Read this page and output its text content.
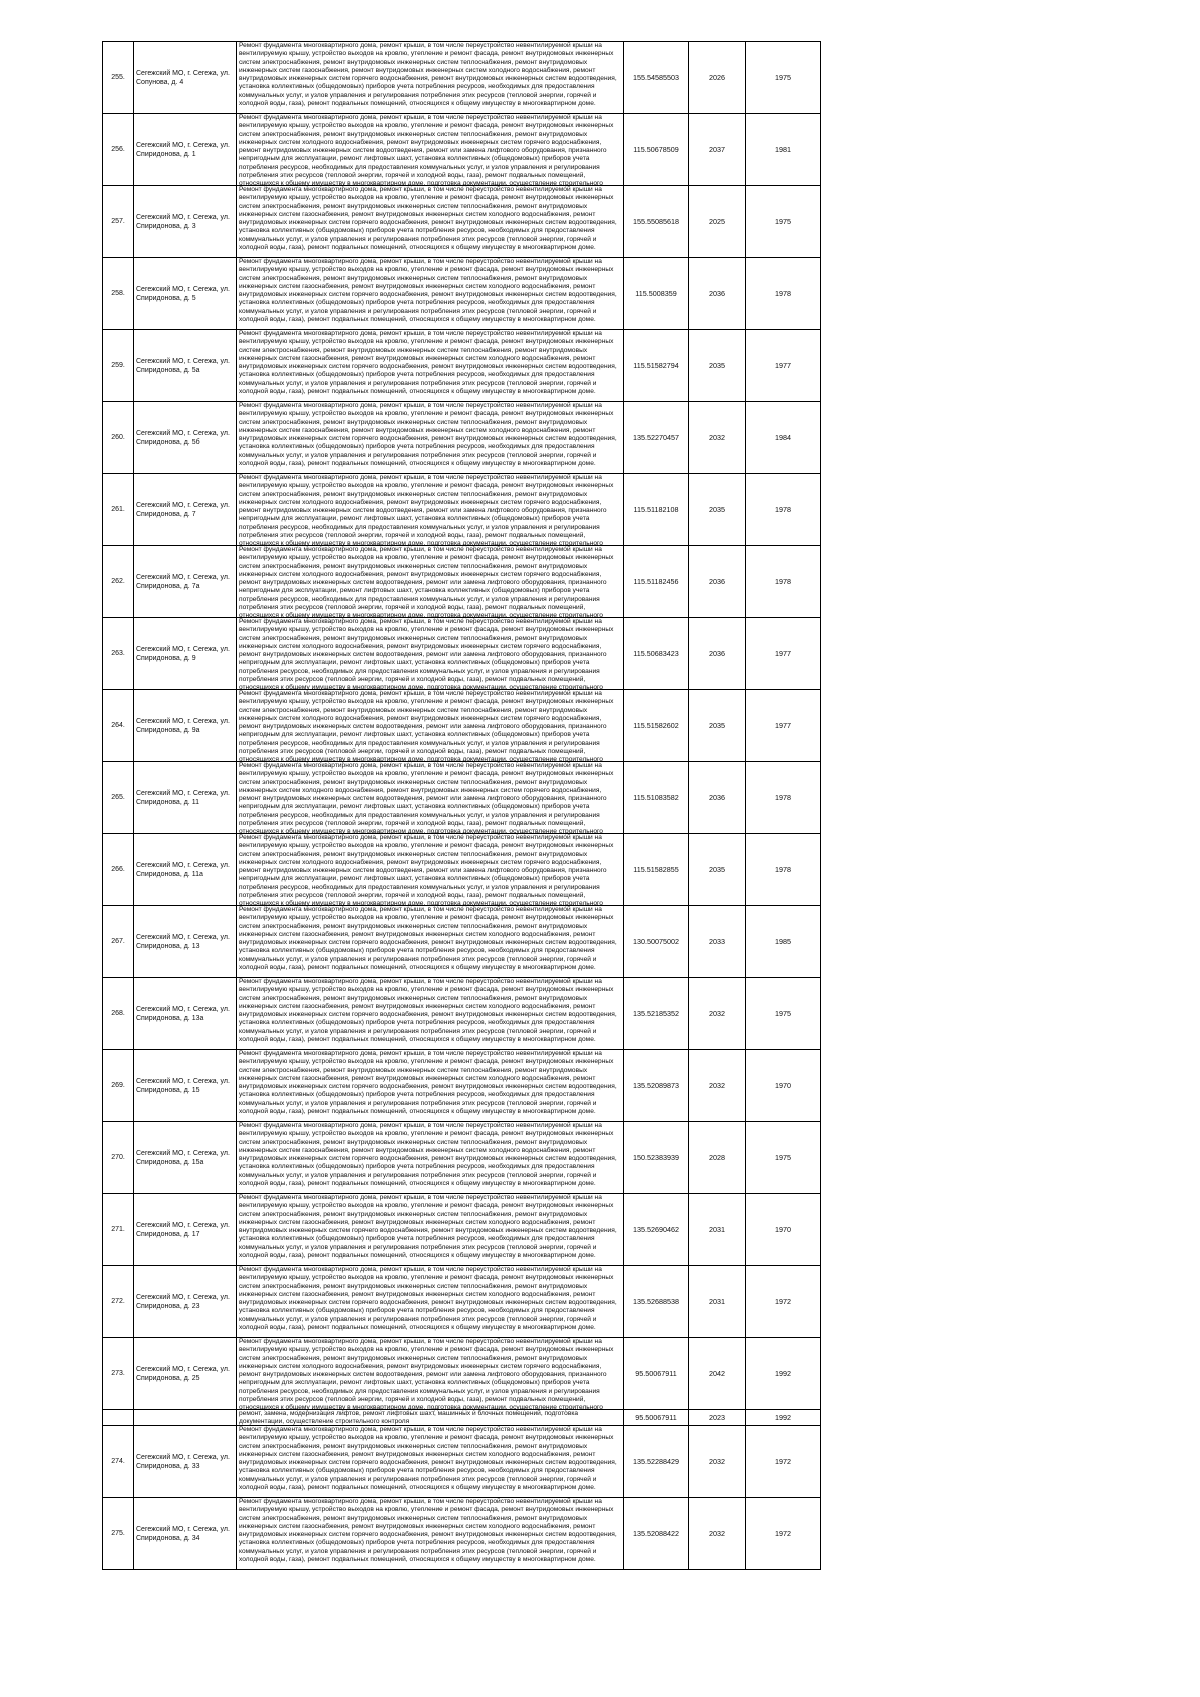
255.	Сегежский МО, г. Сегежа, ул. Сопунова, д. 4	Ремонт фундамента многоквартирного дома, ремонт крыши, в том числе переустройство невентилируемой крыши на вентилируемую крышу, устройство выходов на кровлю, утепление и ремонт фасада, ремонт внутридомовых инженерных систем электроснабжения, ремонт внутридомовых инженерных систем теплоснабжения, ремонт внутридомовых инженерных систем газоснабжения, ремонт внутридомовых инженерных систем холодного водоснабжения, ремонт внутридомовых инженерных систем горячего водоснабжения, ремонт внутридомовых инженерных систем водоотведения, установка коллективных (общедомовых) приборов учета потребления ресурсов, необходимых для предоставления коммунальных услуг, и узлов управления и регулирования потребления этих ресурсов (тепловой энергии, горячей и холодной воды, газа), ремонт подвальных помещений, относящихся к общему имуществу в многоквартирном доме.	155.54585503	2026	1975
256.	Сегежский МО, г. Сегежа, ул. Спиридонова, д. 1	Ремонт фундамента многоквартирного дома, ремонт крыши, в том числе переустройство невентилируемой крыши на вентилируемую крышу, устройство выходов на кровлю, утепление и ремонт фасада, ремонт внутридомовых инженерных систем электроснабжения, ремонт внутридомовых инженерных систем теплоснабжения, ремонт внутридомовых инженерных систем холодного водоснабжения, ремонт внутридомовых инженерных систем горячего водоснабжения, ремонт внутридомовых инженерных систем водоотведения, ремонт или замена лифтового оборудования, признанного непригодным для эксплуатации, ремонт лифтовых шахт, установка коллективных (общедомовых) приборов учета потребления ресурсов, необходимых для предоставления коммунальных услуг, и узлов управления и регулирования потребления этих ресурсов (тепловой энергии, горячей и холодной воды, газа), ремонт подвальных помещений, относящихся к общему имуществу в многоквартирном доме, подготовка документации, осуществление строительного	115.50678509	2037	1981
257.	Сегежский МО, г. Сегежа, ул. Спиридонова, д. 3	Ремонт фундамента многоквартирного дома, ремонт крыши, в том числе переустройство невентилируемой крыши на вентилируемую крышу, устройство выходов на кровлю, утепление и ремонт фасада, ремонт внутридомовых инженерных систем электроснабжения, ремонт внутридомовых инженерных систем теплоснабжения, ремонт внутридомовых инженерных систем газоснабжения, ремонт внутридомовых инженерных систем холодного водоснабжения, ремонт внутридомовых инженерных систем горячего водоснабжения, ремонт внутридомовых инженерных систем водоотведения, установка коллективных (общедомовых) приборов учета потребления ресурсов, необходимых для предоставления коммунальных услуг, и узлов управления и регулирования потребления этих ресурсов (тепловой энергии, горячей и холодной воды, газа), ремонт подвальных помещений, относящихся к общему имуществу в многоквартирном доме.	155.55085618	2025	1975
258.	Сегежский МО, г. Сегежа, ул. Спиридонова, д. 5	Ремонт фундамента многоквартирного дома, ремонт крыши, в том числе переустройство невентилируемой крыши на вентилируемую крышу, устройство выходов на кровлю, утепление и ремонт фасада, ремонт внутридомовых инженерных систем электроснабжения, ремонт внутридомовых инженерных систем теплоснабжения, ремонт внутридомовых инженерных систем газоснабжения, ремонт внутридомовых инженерных систем холодного водоснабжения, ремонт внутридомовых инженерных систем горячего водоснабжения, ремонт внутридомовых инженерных систем водоотведения, установка коллективных (общедомовых) приборов учета потребления ресурсов, необходимых для предоставления коммунальных услуг, и узлов управления и регулирования потребления этих ресурсов (тепловой энергии, горячей и холодной воды, газа), ремонт подвальных помещений, относящихся к общему имуществу в многоквартирном доме.	115.5008359	2036	1978
259.	Сегежский МО, г. Сегежа, ул. Спиридонова, д. 5а	Ремонт фундамента многоквартирного дома, ремонт крыши, в том числе переустройство невентилируемой крыши на вентилируемую крышу, устройство выходов на кровлю, утепление и ремонт фасада, ремонт внутридомовых инженерных систем электроснабжения, ремонт внутридомовых инженерных систем теплоснабжения, ремонт внутридомовых инженерных систем газоснабжения, ремонт внутридомовых инженерных систем холодного водоснабжения, ремонт внутридомовых инженерных систем горячего водоснабжения, ремонт внутридомовых инженерных систем водоотведения, установка коллективных (общедомовых) приборов учета потребления ресурсов, необходимых для предоставления коммунальных услуг, и узлов управления и регулирования потребления этих ресурсов (тепловой энергии, горячей и холодной воды, газа), ремонт подвальных помещений, относящихся к общему имуществу в многоквартирном доме.	115.51582794	2035	1977
260.	Сегежский МО, г. Сегежа, ул. Спиридонова, д. 5б	Ремонт фундамента многоквартирного дома, ремонт крыши, в том числе переустройство невентилируемой крыши на вентилируемую крышу, устройство выходов на кровлю, утепление и ремонт фасада, ремонт внутридомовых инженерных систем электроснабжения, ремонт внутридомовых инженерных систем теплоснабжения, ремонт внутридомовых инженерных систем газоснабжения, ремонт внутридомовых инженерных систем холодного водоснабжения, ремонт внутридомовых инженерных систем горячего водоснабжения, ремонт внутридомовых инженерных систем водоотведения, установка коллективных (общедомовых) приборов учета потребления ресурсов, необходимых для предоставления коммунальных услуг, и узлов управления и регулирования потребления этих ресурсов (тепловой энергии, горячей и холодной воды, газа), ремонт подвальных помещений, относящихся к общему имуществу в многоквартирном доме.	135.52270457	2032	1984
261.	Сегежский МО, г. Сегежа, ул. Спиридонова, д. 7	Ремонт фундамента многоквартирного дома, ремонт крыши, в том числе переустройство невентилируемой крыши на вентилируемую крышу, устройство выходов на кровлю, утепление и ремонт фасада, ремонт внутридомовых инженерных систем электроснабжения, ремонт внутридомовых инженерных систем теплоснабжения, ремонт внутридомовых инженерных систем холодного водоснабжения, ремонт внутридомовых инженерных систем горячего водоснабжения, ремонт внутридомовых инженерных систем водоотведения, ремонт или замена лифтового оборудования, признанного непригодным для эксплуатации, ремонт лифтовых шахт, установка коллективных (общедомовых) приборов учета потребления ресурсов, необходимых для предоставления коммунальных услуг, и узлов управления и регулирования потребления этих ресурсов (тепловой энергии, горячей и холодной воды, газа), ремонт подвальных помещений, относящихся к общему имуществу в многоквартирном доме, подготовка документации, осуществление строительного	115.51182108	2035	1978
262.	Сегежский МО, г. Сегежа, ул. Спиридонова, д. 7а	Ремонт фундамента многоквартирного дома, ремонт крыши, в том числе переустройство невентилируемой крыши на вентилируемую крышу, устройство выходов на кровлю, утепление и ремонт фасада, ремонт внутридомовых инженерных систем электроснабжения, ремонт внутридомовых инженерных систем теплоснабжения, ремонт внутридомовых инженерных систем холодного водоснабжения, ремонт внутридомовых инженерных систем горячего водоснабжения, ремонт внутридомовых инженерных систем водоотведения, ремонт или замена лифтового оборудования, признанного непригодным для эксплуатации, ремонт лифтовых шахт, установка коллективных (общедомовых) приборов учета потребления ресурсов, необходимых для предоставления коммунальных услуг, и узлов управления и регулирования потребления этих ресурсов (тепловой энергии, горячей и холодной воды, газа), ремонт подвальных помещений, относящихся к общему имуществу в многоквартирном доме, подготовка документации, осуществление строительного	115.51182456	2036	1978
263.	Сегежский МО, г. Сегежа, ул. Спиридонова, д. 9	Ремонт фундамента многоквартирного дома, ремонт крыши, в том числе переустройство невентилируемой крыши на вентилируемую крышу, устройство выходов на кровлю, утепление и ремонт фасада, ремонт внутридомовых инженерных систем электроснабжения, ремонт внутридомовых инженерных систем теплоснабжения, ремонт внутридомовых инженерных систем холодного водоснабжения, ремонт внутридомовых инженерных систем горячего водоснабжения, ремонт внутридомовых инженерных систем водоотведения, ремонт или замена лифтового оборудования, признанного непригодным для эксплуатации, ремонт лифтовых шахт, установка коллективных (общедомовых) приборов учета потребления ресурсов, необходимых для предоставления коммунальных услуг, и узлов управления и регулирования потребления этих ресурсов (тепловой энергии, горячей и холодной воды, газа), ремонт подвальных помещений, относящихся к общему имуществу в многоквартирном доме, подготовка документации, осуществление строительного	115.50683423	2036	1977
264.	Сегежский МО, г. Сегежа, ул. Спиридонова, д. 9а	Ремонт фундамента многоквартирного дома, ремонт крыши, в том числе переустройство невентилируемой крыши на вентилируемую крышу, устройство выходов на кровлю, утепление и ремонт фасада, ремонт внутридомовых инженерных систем электроснабжения, ремонт внутридомовых инженерных систем теплоснабжения, ремонт внутридомовых инженерных систем холодного водоснабжения, ремонт внутридомовых инженерных систем горячего водоснабжения, ремонт внутридомовых инженерных систем водоотведения, ремонт или замена лифтового оборудования, признанного непригодным для эксплуатации, ремонт лифтовых шахт, установка коллективных (общедомовых) приборов учета потребления ресурсов, необходимых для предоставления коммунальных услуг, и узлов управления и регулирования потребления этих ресурсов (тепловой энергии, горячей и холодной воды, газа), ремонт подвальных помещений, относящихся к общему имуществу в многоквартирном доме, подготовка документации, осуществление строительного	115.51582602	2035	1977
265.	Сегежский МО, г. Сегежа, ул. Спиридонова, д. 11	Ремонт фундамента многоквартирного дома, ремонт крыши, в том числе переустройство невентилируемой крыши на вентилируемую крышу, устройство выходов на кровлю, утепление и ремонт фасада, ремонт внутридомовых инженерных систем электроснабжения, ремонт внутридомовых инженерных систем теплоснабжения, ремонт внутридомовых инженерных систем холодного водоснабжения, ремонт внутридомовых инженерных систем горячего водоснабжения, ремонт внутридомовых инженерных систем водоотведения, ремонт или замена лифтового оборудования, признанного непригодным для эксплуатации, ремонт лифтовых шахт, установка коллективных (общедомовых) приборов учета потребления ресурсов, необходимых для предоставления коммунальных услуг, и узлов управления и регулирования потребления этих ресурсов (тепловой энергии, горячей и холодной воды, газа), ремонт подвальных помещений, относящихся к общему имуществу в многоквартирном доме, подготовка документации, осуществление строительного	115.51083582	2036	1978
266.	Сегежский МО, г. Сегежа, ул. Спиридонова, д. 11а	Ремонт фундамента многоквартирного дома, ремонт крыши, в том числе переустройство невентилируемой крыши на вентилируемую крышу, устройство выходов на кровлю, утепление и ремонт фасада, ремонт внутридомовых инженерных систем электроснабжения, ремонт внутридомовых инженерных систем теплоснабжения, ремонт внутридомовых инженерных систем холодного водоснабжения, ремонт внутридомовых инженерных систем горячего водоснабжения, ремонт внутридомовых инженерных систем водоотведения, ремонт или замена лифтового оборудования, признанного непригодным для эксплуатации, ремонт лифтовых шахт, установка коллективных (общедомовых) приборов учета потребления ресурсов, необходимых для предоставления коммунальных услуг, и узлов управления и регулирования потребления этих ресурсов (тепловой энергии, горячей и холодной воды, газа), ремонт подвальных помещений, относящихся к общему имуществу в многоквартирном доме, подготовка документации, осуществление строительного	115.51582855	2035	1978
267.	Сегежский МО, г. Сегежа, ул. Спиридонова, д. 13	Ремонт фундамента многоквартирного дома, ремонт крыши, в том числе переустройство невентилируемой крыши на вентилируемую крышу, устройство выходов на кровлю, утепление и ремонт фасада, ремонт внутридомовых инженерных систем электроснабжения, ремонт внутридомовых инженерных систем теплоснабжения, ремонт внутридомовых инженерных систем газоснабжения, ремонт внутридомовых инженерных систем холодного водоснабжения, ремонт внутридомовых инженерных систем горячего водоснабжения, ремонт внутридомовых инженерных систем водоотведения, установка коллективных (общедомовых) приборов учета потребления ресурсов, необходимых для предоставления коммунальных услуг, и узлов управления и регулирования потребления этих ресурсов (тепловой энергии, горячей и холодной воды, газа), ремонт подвальных помещений, относящихся к общему имуществу в многоквартирном доме.	130.50075002	2033	1985
268.	Сегежский МО, г. Сегежа, ул. Спиридонова, д. 13а	Ремонт фундамента многоквартирного дома, ремонт крыши, в том числе переустройство невентилируемой крыши на вентилируемую крышу, устройство выходов на кровлю, утепление и ремонт фасада, ремонт внутридомовых инженерных систем электроснабжения, ремонт внутридомовых инженерных систем теплоснабжения, ремонт внутридомовых инженерных систем газоснабжения, ремонт внутридомовых инженерных систем холодного водоснабжения, ремонт внутридомовых инженерных систем горячего водоснабжения, ремонт внутридомовых инженерных систем водоотведения, установка коллективных (общедомовых) приборов учета потребления ресурсов, необходимых для предоставления коммунальных услуг, и узлов управления и регулирования потребления этих ресурсов (тепловой энергии, горячей и холодной воды, газа), ремонт подвальных помещений, относящихся к общему имуществу в многоквартирном доме.	135.52185352	2032	1975
269.	Сегежский МО, г. Сегежа, ул. Спиридонова, д. 15	Ремонт фундамента многоквартирного дома, ремонт крыши, в том числе переустройство невентилируемой крыши на вентилируемую крышу, устройство выходов на кровлю, утепление и ремонт фасада, ремонт внутридомовых инженерных систем электроснабжения, ремонт внутридомовых инженерных систем теплоснабжения, ремонт внутридомовых инженерных систем газоснабжения, ремонт внутридомовых инженерных систем холодного водоснабжения, ремонт внутридомовых инженерных систем горячего водоснабжения, ремонт внутридомовых инженерных систем водоотведения, установка коллективных (общедомовых) приборов учета потребления ресурсов, необходимых для предоставления коммунальных услуг, и узлов управления и регулирования потребления этих ресурсов (тепловой энергии, горячей и холодной воды, газа), ремонт подвальных помещений, относящихся к общему имуществу в многоквартирном доме.	135.52089873	2032	1970
270.	Сегежский МО, г. Сегежа, ул. Спиридонова, д. 15а	Ремонт фундамента многоквартирного дома, ремонт крыши, в том числе переустройство невентилируемой крыши на вентилируемую крышу, устройство выходов на кровлю, утепление и ремонт фасада, ремонт внутридомовых инженерных систем электроснабжения, ремонт внутридомовых инженерных систем теплоснабжения, ремонт внутридомовых инженерных систем газоснабжения, ремонт внутридомовых инженерных систем холодного водоснабжения, ремонт внутридомовых инженерных систем горячего водоснабжения, ремонт внутридомовых инженерных систем водоотведения, установка коллективных (общедомовых) приборов учета потребления ресурсов, необходимых для предоставления коммунальных услуг, и узлов управления и регулирования потребления этих ресурсов (тепловой энергии, горячей и холодной воды, газа), ремонт подвальных помещений, относящихся к общему имуществу в многоквартирном доме.	150.52383939	2028	1975
271.	Сегежский МО, г. Сегежа, ул. Спиридонова, д. 17	Ремонт фундамента многоквартирного дома, ремонт крыши, в том числе переустройство невентилируемой крыши на вентилируемую крышу, устройство выходов на кровлю, утепление и ремонт фасада, ремонт внутридомовых инженерных систем электроснабжения, ремонт внутридомовых инженерных систем теплоснабжения, ремонт внутридомовых инженерных систем газоснабжения, ремонт внутридомовых инженерных систем холодного водоснабжения, ремонт внутридомовых инженерных систем горячего водоснабжения, ремонт внутридомовых инженерных систем водоотведения, установка коллективных (общедомовых) приборов учета потребления ресурсов, необходимых для предоставления коммунальных услуг, и узлов управления и регулирования потребления этих ресурсов (тепловой энергии, горячей и холодной воды, газа), ремонт подвальных помещений, относящихся к общему имуществу в многоквартирном доме.	135.52690462	2031	1970
272.	Сегежский МО, г. Сегежа, ул. Спиридонова, д. 23	Ремонт фундамента многоквартирного дома, ремонт крыши, в том числе переустройство невентилируемой крыши на вентилируемую крышу, устройство выходов на кровлю, утепление и ремонт фасада, ремонт внутридомовых инженерных систем электроснабжения, ремонт внутридомовых инженерных систем теплоснабжения, ремонт внутридомовых инженерных систем газоснабжения, ремонт внутридомовых инженерных систем холодного водоснабжения, ремонт внутридомовых инженерных систем горячего водоснабжения, ремонт внутридомовых инженерных систем водоотведения, установка коллективных (общедомовых) приборов учета потребления ресурсов, необходимых для предоставления коммунальных услуг, и узлов управления и регулирования потребления этих ресурсов (тепловой энергии, горячей и холодной воды, газа), ремонт подвальных помещений, относящихся к общему имуществу в многоквартирном доме.	135.52688538	2031	1972
273.	Сегежский МО, г. Сегежа, ул. Спиридонова, д. 25	Ремонт фундамента многоквартирного дома, ремонт крыши, в том числе переустройство невентилируемой крыши на вентилируемую крышу, устройство выходов на кровлю, утепление и ремонт фасада, ремонт внутридомовых инженерных систем электроснабжения, ремонт внутридомовых инженерных систем теплоснабжения, ремонт внутридомовых инженерных систем холодного водоснабжения, ремонт внутридомовых инженерных систем горячего водоснабжения, ремонт внутридомовых инженерных систем водоотведения, ремонт или замена лифтового оборудования, признанного непригодным для эксплуатации, ремонт лифтовых шахт, установка коллективных (общедомовых) приборов учета потребления ресурсов, необходимых для предоставления коммунальных услуг, и узлов управления и регулирования потребления этих ресурсов (тепловой энергии, горячей и холодной воды, газа), ремонт подвальных помещений, относящихся к общему имуществу в многоквартирном доме, подготовка документации, осуществление строительного	95.50067911	2042	1992

		ремонт, замена, модернизация лифтов, ремонт лифтовых шахт, машинных и блочных помещений, подготовка документации, осуществление строительного контроля	95.50067911	2023	1992
274.	Сегежский МО, г. Сегежа, ул. Спиридонова, д. 33	Ремонт фундамента многоквартирного дома, ремонт крыши, в том числе переустройство невентилируемой крыши на вентилируемую крышу, устройство выходов на кровлю, утепление и ремонт фасада, ремонт внутридомовых инженерных систем электроснабжения, ремонт внутридомовых инженерных систем теплоснабжения, ремонт внутридомовых инженерных систем газоснабжения, ремонт внутридомовых инженерных систем холодного водоснабжения, ремонт внутридомовых инженерных систем горячего водоснабжения, ремонт внутридомовых инженерных систем водоотведения, установка коллективных (общедомовых) приборов учета потребления ресурсов, необходимых для предоставления коммунальных услуг, и узлов управления и регулирования потребления этих ресурсов (тепловой энергии, горячей и холодной воды, газа), ремонт подвальных помещений, относящихся к общему имуществу в многоквартирном доме.	135.52288429	2032	1972
275.	Сегежский МО, г. Сегежа, ул. Спиридонова, д. 34	Ремонт фундамента многоквартирного дома, ремонт крыши, в том числе переустройство невентилируемой крыши на вентилируемую крышу, устройство выходов на кровлю, утепление и ремонт фасада, ремонт внутридомовых инженерных систем электроснабжения, ремонт внутридомовых инженерных систем теплоснабжения, ремонт внутридомовых инженерных систем газоснабжения, ремонт внутридомовых инженерных систем холодного водоснабжения, ремонт внутридомовых инженерных систем горячего водоснабжения, ремонт внутридомовых инженерных систем водоотведения, установка коллективных (общедомовых) приборов учета потребления ресурсов, необходимых для предоставления коммунальных услуг, и узлов управления и регулирования потребления этих ресурсов (тепловой энергии, горячей и холодной воды, газа), ремонт подвальных помещений, относящихся к общему имуществу в многоквартирном доме.	135.52088422	2032	1972
